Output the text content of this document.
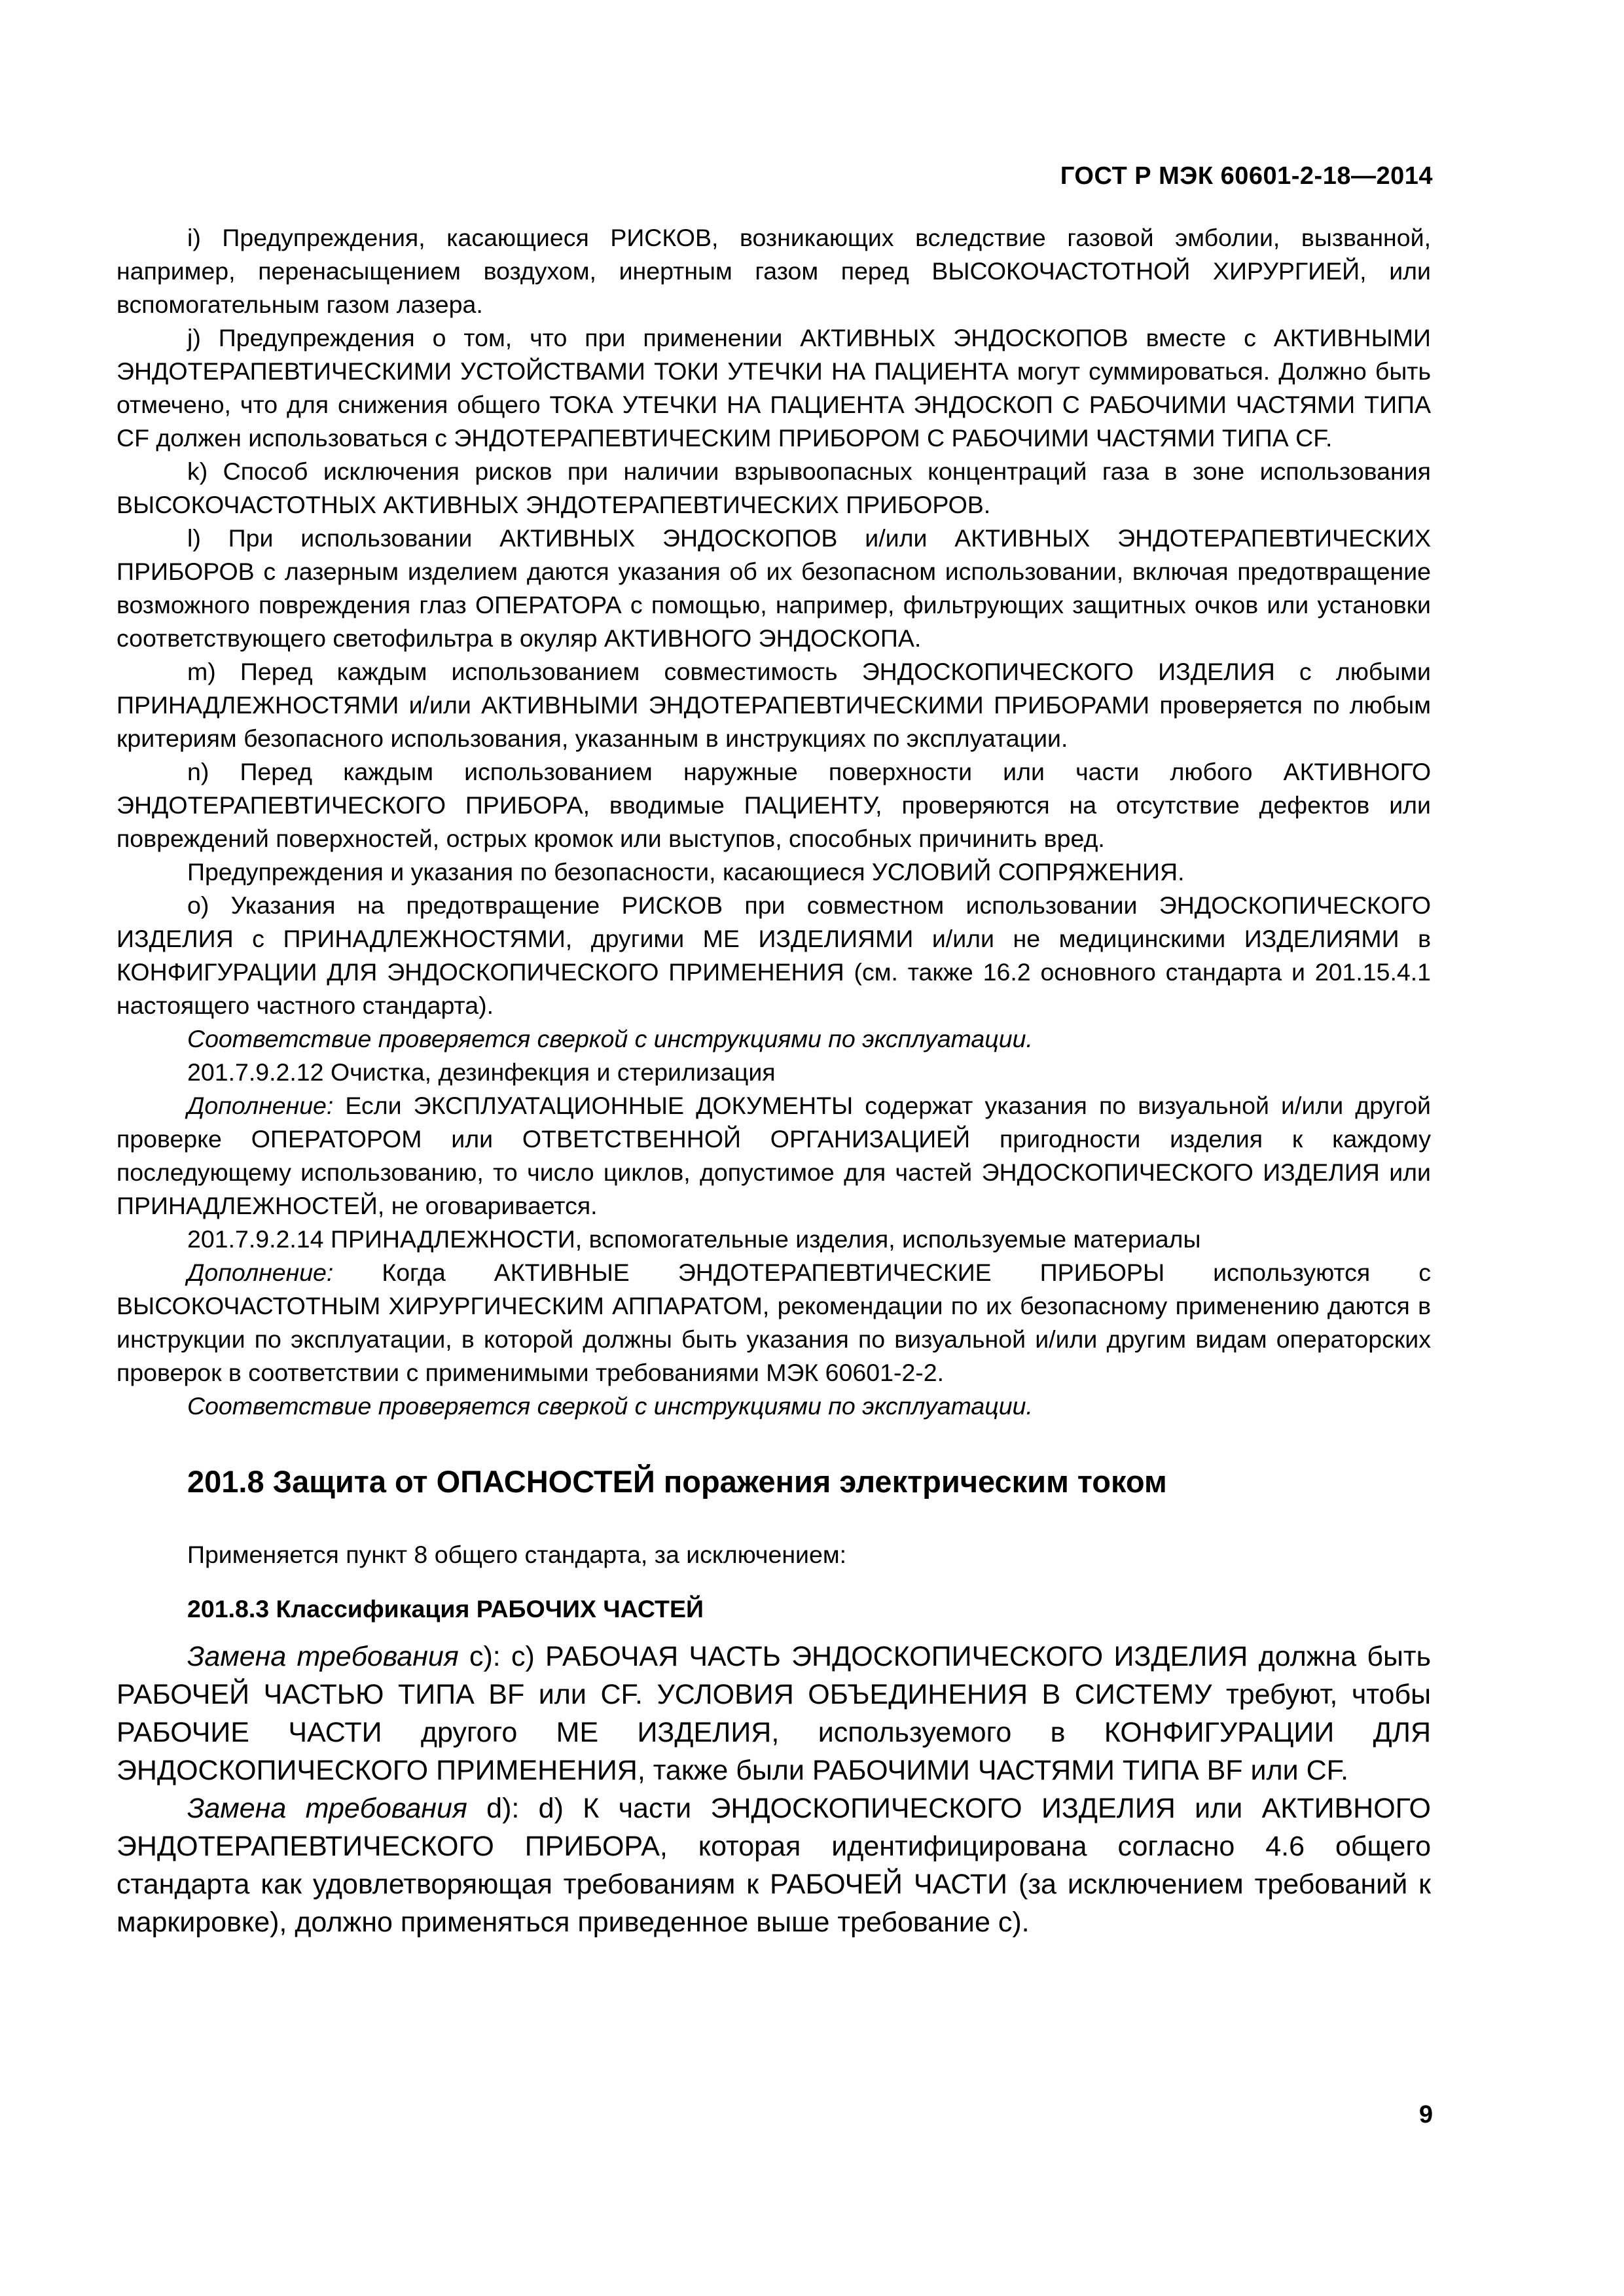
ГОСТ Р МЭК 60601-2-18—2014

i) Предупреждения, касающиеся РИСКОВ, возникающих вследствие газовой эмболии, вызванной, например, перенасыщением воздухом, инертным газом перед ВЫСОКОЧАСТОТНОЙ ХИРУРГИЕЙ, или вспомогательным газом лазера.

j) Предупреждения о том, что при применении АКТИВНЫХ ЭНДОСКОПОВ вместе с АКТИВНЫМИ ЭНДОТЕРАПЕВТИЧЕСКИМИ УСТОЙСТВАМИ ТОКИ УТЕЧКИ НА ПАЦИЕНТА могут суммироваться. Должно быть отмечено, что для снижения общего ТОКА УТЕЧКИ НА ПАЦИЕНТА ЭНДОСКОП С РАБОЧИМИ ЧАСТЯМИ ТИПА CF должен использоваться с ЭНДОТЕРАПЕВТИЧЕСКИМ ПРИБОРОМ С РАБОЧИМИ ЧАСТЯМИ ТИПА CF.

k) Способ исключения рисков при наличии взрывоопасных концентраций газа в зоне использования ВЫСОКОЧАСТОТНЫХ АКТИВНЫХ ЭНДОТЕРАПЕВТИЧЕСКИХ ПРИБОРОВ.

l) При использовании АКТИВНЫХ ЭНДОСКОПОВ и/или АКТИВНЫХ ЭНДОТЕРАПЕВТИЧЕСКИХ ПРИБОРОВ с лазерным изделием даются указания об их безопасном использовании, включая предотвращение возможного повреждения глаз ОПЕРАТОРА с помощью, например, фильтрующих защитных очков или установки соответствующего светофильтра в окуляр АКТИВНОГО ЭНДОСКОПА.

m) Перед каждым использованием совместимость ЭНДОСКОПИЧЕСКОГО ИЗДЕЛИЯ с любыми ПРИНАДЛЕЖНОСТЯМИ и/или АКТИВНЫМИ ЭНДОТЕРАПЕВТИЧЕСКИМИ ПРИБОРАМИ проверяется по любым критериям безопасного использования, указанным в инструкциях по эксплуатации.

n) Перед каждым использованием наружные поверхности или части любого АКТИВНОГО ЭНДОТЕРАПЕВТИЧЕСКОГО ПРИБОРА, вводимые ПАЦИЕНТУ, проверяются на отсутствие дефектов или повреждений поверхностей, острых кромок или выступов, способных причинить вред.

Предупреждения и указания по безопасности, касающиеся УСЛОВИЙ СОПРЯЖЕНИЯ.

o) Указания на предотвращение РИСКОВ при совместном использовании ЭНДОСКОПИЧЕСКОГО ИЗДЕЛИЯ с ПРИНАДЛЕЖНОСТЯМИ, другими МЕ ИЗДЕЛИЯМИ и/или не медицинскими ИЗДЕЛИЯМИ в КОНФИГУРАЦИИ ДЛЯ ЭНДОСКОПИЧЕСКОГО ПРИМЕНЕНИЯ (см. также 16.2 основного стандарта и 201.15.4.1 настоящего частного стандарта).

Соответствие проверяется сверкой с инструкциями по эксплуатации.

201.7.9.2.12 Очистка, дезинфекция и стерилизация

Дополнение: Если ЭКСПЛУАТАЦИОННЫЕ ДОКУМЕНТЫ содержат указания по визуальной и/или другой проверке ОПЕРАТОРОМ или ОТВЕТСТВЕННОЙ ОРГАНИЗАЦИЕЙ пригодности изделия к каждому последующему использованию, то число циклов, допустимое для частей ЭНДОСКОПИЧЕСКОГО ИЗДЕЛИЯ или ПРИНАДЛЕЖНОСТЕЙ, не оговаривается.

201.7.9.2.14 ПРИНАДЛЕЖНОСТИ, вспомогательные изделия, используемые материалы

Дополнение: Когда АКТИВНЫЕ ЭНДОТЕРАПЕВТИЧЕСКИЕ ПРИБОРЫ используются с ВЫСОКОЧАСТОТНЫМ ХИРУРГИЧЕСКИМ АППАРАТОМ, рекомендации по их безопасному применению даются в инструкции по эксплуатации, в которой должны быть указания по визуальной и/или другим видам операторских проверок в соответствии с применимыми требованиями МЭК 60601-2-2.

Соответствие проверяется сверкой с инструкциями по эксплуатации.

201.8 Защита от ОПАСНОСТЕЙ поражения электрическим током

Применяется пункт 8 общего стандарта, за исключением:

201.8.3 Классификация РАБОЧИХ ЧАСТЕЙ

Замена требования с): с) РАБОЧАЯ ЧАСТЬ ЭНДОСКОПИЧЕСКОГО ИЗДЕЛИЯ должна быть РАБОЧЕЙ ЧАСТЬЮ ТИПА BF или CF. УСЛОВИЯ ОБЪЕДИНЕНИЯ В СИСТЕМУ требуют, чтобы РАБОЧИЕ ЧАСТИ другого МЕ ИЗДЕЛИЯ, используемого в КОНФИГУРАЦИИ ДЛЯ ЭНДОСКОПИЧЕСКОГО ПРИМЕНЕНИЯ, также были РАБОЧИМИ ЧАСТЯМИ ТИПА BF или CF.

Замена требования d): d) К части ЭНДОСКОПИЧЕСКОГО ИЗДЕЛИЯ или АКТИВНОГО ЭНДОТЕРАПЕВТИЧЕСКОГО ПРИБОРА, которая идентифицирована согласно 4.6 общего стандарта как удовлетворяющая требованиям к РАБОЧЕЙ ЧАСТИ (за исключением требований к маркировке), должно применяться приведенное выше требование с).

9
